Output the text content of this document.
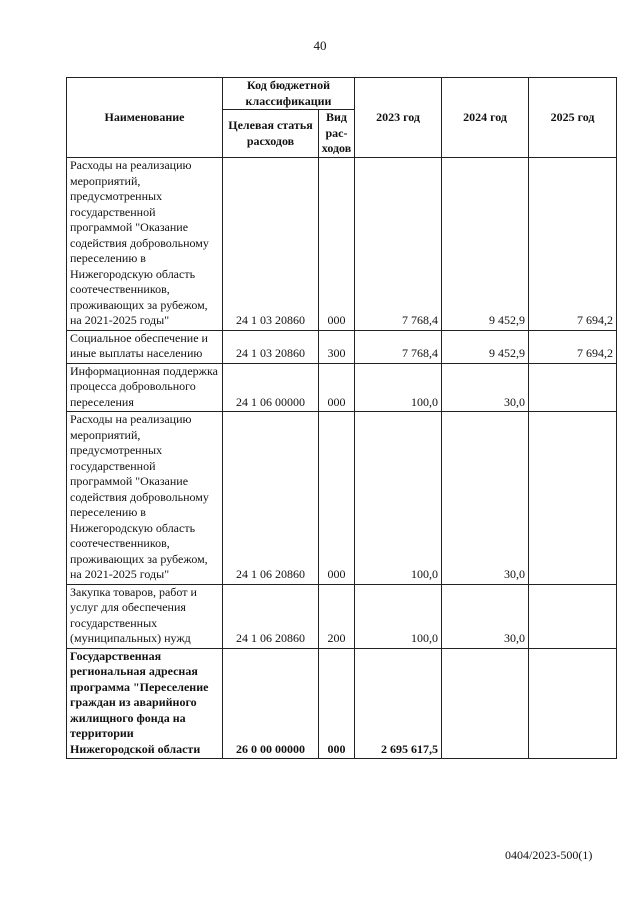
40
Наименование	Код бюджетной классификации		2023 год	2024 год	2025 год
	Целевая статья расходов	Вид рас-ходов			
Расходы на реализацию мероприятий, предусмотренных государственной программой "Оказание содействия добровольному переселению в Нижегородскую область соотечественников, проживающих за рубежом, на 2021-2025 годы"	24 1 03 20860	000	7 768,4	9 452,9	7 694,2
Социальное обеспечение и иные выплаты населению	24 1 03 20860	300	7 768,4	9 452,9	7 694,2
Информационная поддержка процесса добровольного переселения	24 1 06 00000	000	100,0	30,0	
Расходы на реализацию мероприятий, предусмотренных государственной программой "Оказание содействия добровольному переселению в Нижегородскую область соотечественников, проживающих за рубежом, на 2021-2025 годы"	24 1 06 20860	000	100,0	30,0	
Закупка товаров, работ и услуг для обеспечения государственных (муниципальных) нужд	24 1 06 20860	200	100,0	30,0	
Государственная региональная адресная программа "Переселение граждан из аварийного жилищного фонда на территории Нижегородской области	26 0 00 00000	000	2 695 617,5		
0404/2023-500(1)
